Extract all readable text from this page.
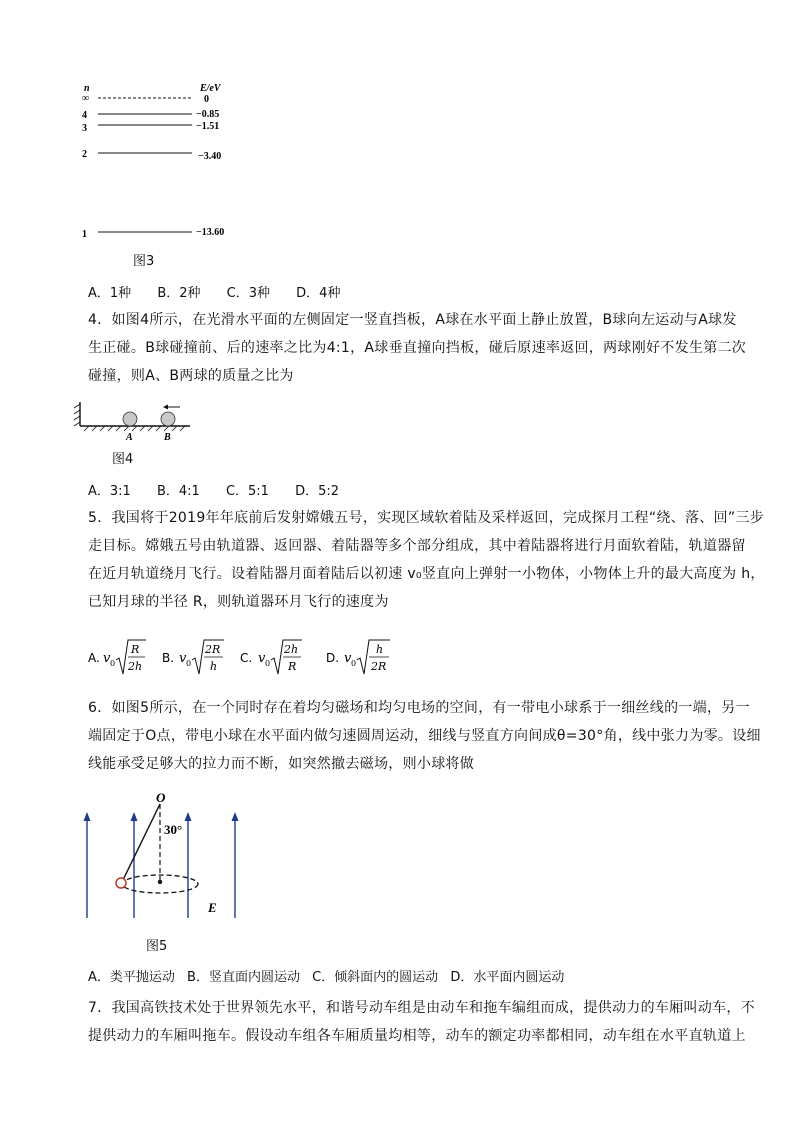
n	E/eV
∞	0
4	−0.85
3	−1.51
2	−3.40
1	−13.60
图3
A．1种 B．2种 C．3种 D．4种
4．如图4所示，在光滑水平面的左侧固定一竖直挡板，A球在水平面上静止放置，B球向左运动与A球发
生正碰。B球碰撞前、后的速率之比为4:1，A球垂直撞向挡板，碰后原速率返回，两球刚好不发生第二次
碰撞，则A、B两球的质量之比为
A	B
图4
A．3:1 B．4:1 C．5:1 D．5:2
5．我国将于2019年年底前后发射嫦娥五号，实现区域软着陆及采样返回，完成探月工程“绕、落、回”三步
走目标。嫦娥五号由轨道器、返回器、着陆器等多个部分组成，其中着陆器将进行月面软着陆，轨道器留
在近月轨道绕月飞行。设着陆器月面着陆后以初速 v₀竖直向上弹射一小物体，小物体上升的最大高度为 h，
已知月球的半径 R，则轨道器环月飞行的速度为
A. v 0
R
2h
B. v 0
2R
h
C. v 0
2h
R
D. v 0
h
2R
6．如图5所示，在一个同时存在着均匀磁场和均匀电场的空间，有一带电小球系于一细丝线的一端，另一
端固定于O点，带电小球在水平面内做匀速圆周运动，细线与竖直方向间成θ=30°角，线中张力为零。设细
线能承受足够大的拉力而不断，如突然撤去磁场，则小球将做
O
30°
E
图5
A．类平抛运动 B．竖直面内圆运动 C．倾斜面内的圆运动 D．水平面内圆运动
7．我国高铁技术处于世界领先水平，和谐号动车组是由动车和拖车编组而成，提供动力的车厢叫动车，不
提供动力的车厢叫拖车。假设动车组各车厢质量均相等，动车的额定功率都相同，动车组在水平直轨道上
